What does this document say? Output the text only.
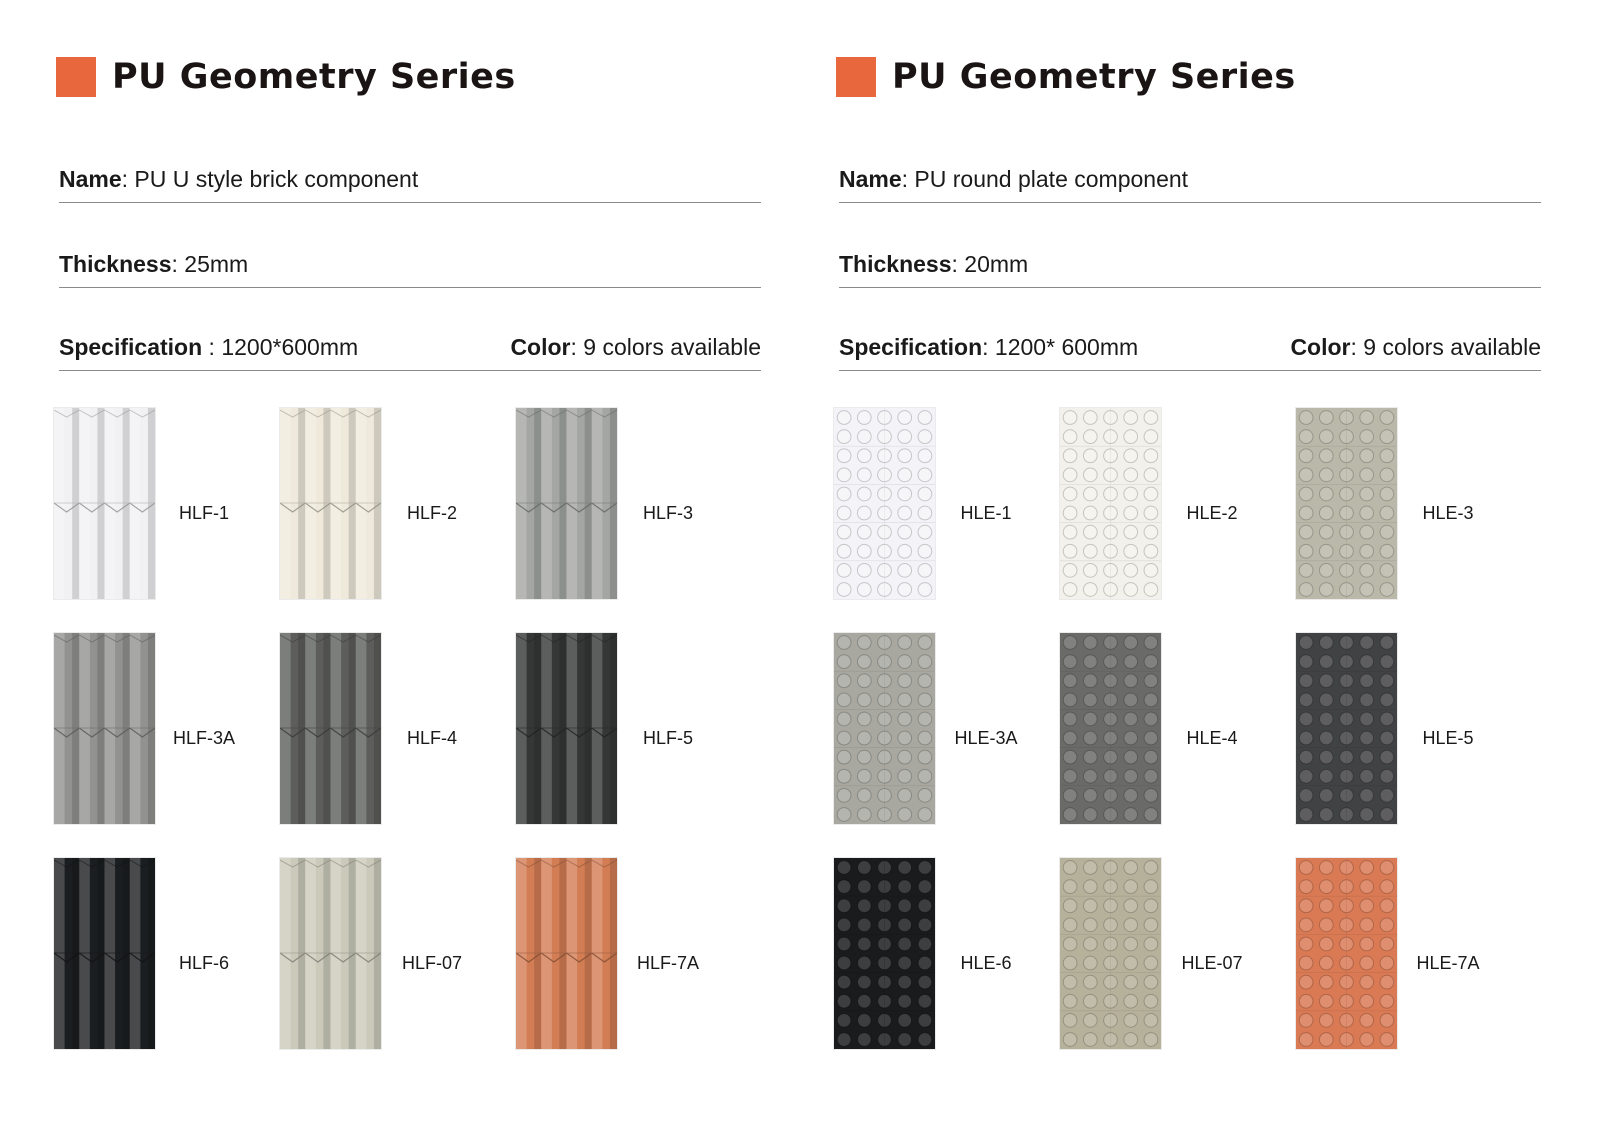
PU Geometry Series
Name: PU U style brick component
Thickness: 25mm
Specification : 1200*600mm	Color: 9 colors available
HLF-1	HLF-2	HLF-3
HLF-3A	HLF-4	HLF-5
HLF-6	HLF-07	HLF-7A
PU Geometry Series
Name: PU round plate component
Thickness: 20mm
Specification: 1200* 600mm	Color: 9 colors available
HLE-1	HLE-2	HLE-3
HLE-3A	HLE-4	HLE-5
HLE-6	HLE-07	HLE-7A
